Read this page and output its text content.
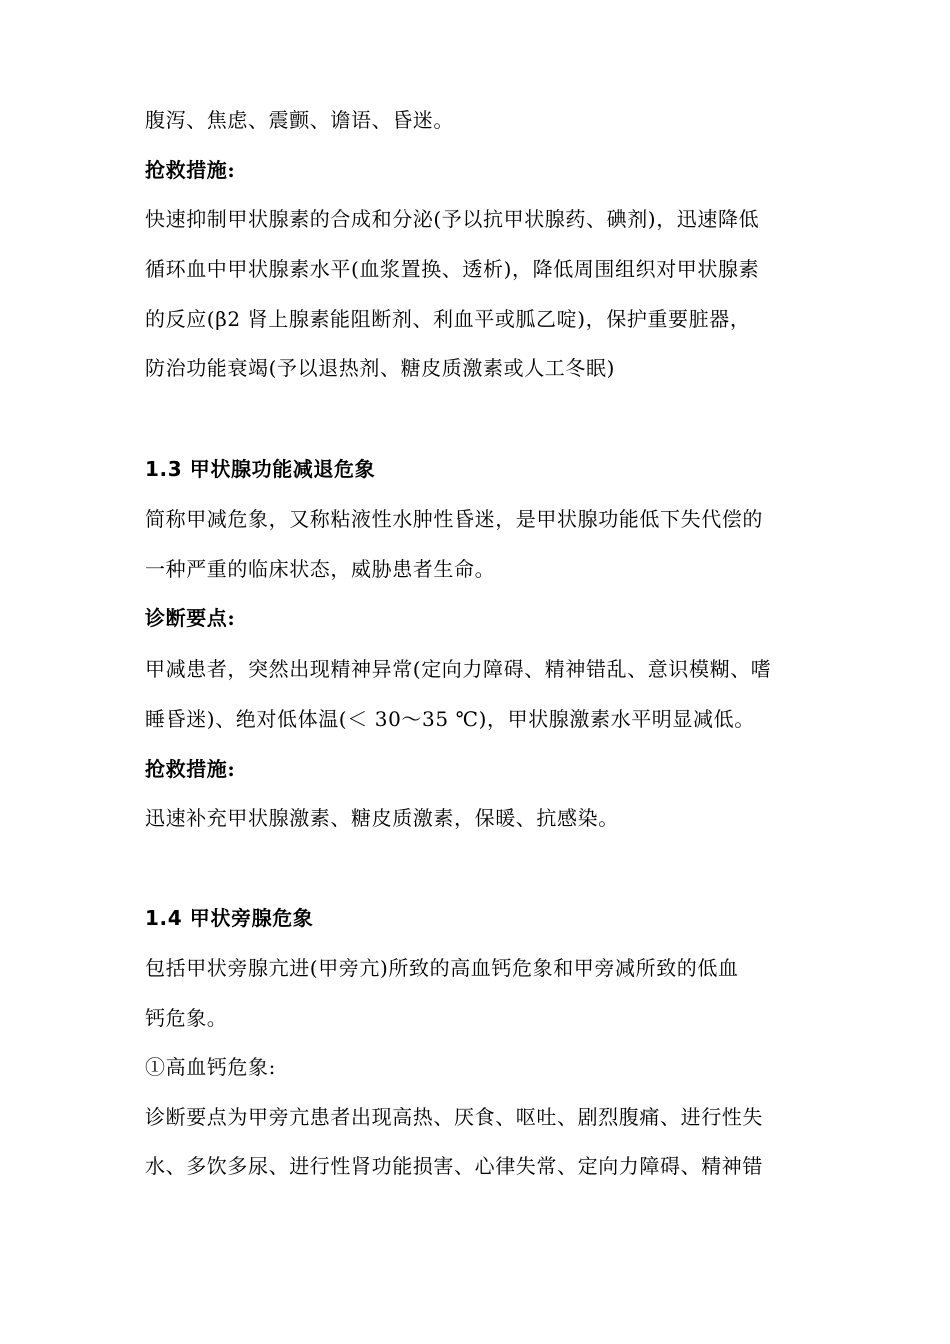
腹泻、焦虑、震颤、谵语、昏迷。
抢救措施:
快速抑制甲状腺素的合成和分泌(予以抗甲状腺药、碘剂)，迅速降低
循环血中甲状腺素水平(血浆置换、透析)，降低周围组织对甲状腺素
的反应(β2 肾上腺素能阻断剂、利血平或胍乙啶)，保护重要脏器，
防治功能衰竭(予以退热剂、糖皮质激素或人工冬眠)
1.3 甲状腺功能减退危象
简称甲减危象，又称粘液性水肿性昏迷，是甲状腺功能低下失代偿的
一种严重的临床状态，威胁患者生命。
诊断要点:
甲减患者，突然出现精神异常(定向力障碍、精神错乱、意识模糊、嗜
睡昏迷)、绝对低体温(＜ 30～35 ℃)，甲状腺激素水平明显减低。
抢救措施:
迅速补充甲状腺激素、糖皮质激素，保暖、抗感染。
1.4 甲状旁腺危象
包括甲状旁腺亢进(甲旁亢)所致的高血钙危象和甲旁减所致的低血
钙危象。
①高血钙危象:
诊断要点为甲旁亢患者出现高热、厌食、呕吐、剧烈腹痛、进行性失
水、多饮多尿、进行性肾功能损害、心律失常、定向力障碍、精神错
